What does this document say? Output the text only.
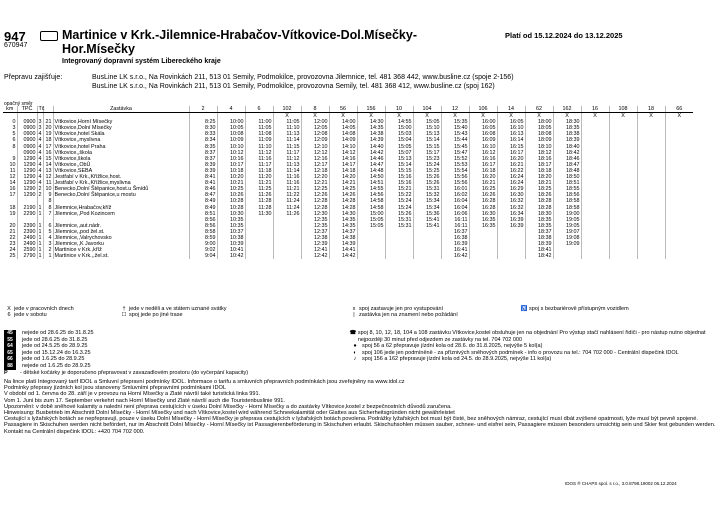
947
670947
Martinice v Krk.-Jilemnice-Hrabačov-Vítkovice-Dol.Mísečky-
Hor.Mísečky
Integrovaný dopravní systém Libereckého kraje
Platí od 15.12.2024 do 13.12.2025
Přepravu zajišťuje:	BusLine LK s.r.o., Na Rovinkách 211, 513 01 Semily, Podmokilce, provozovna Jilemnice, tel. 481 368 442, www.busline.cz (spoje 2-156)
BusLine LK s.r.o., Na Rovinkách 211, 513 01 Semily, Podmokilce, provozovna Semily, tel. 481 368 412, www.busline.cz (spoj 162)
opačný směr
km	TPČ	Tč		Zastávka	2	4	6	102	8	56	156	10	104	12	106	14	62	162	16	108	18	66
								X	X	X	X	X	X	X	X	X	X	X	X	X	X	X
0	0900	3	21	Vítkovice,Horní Mísečky	8:25	10:00	11:00	11:05	12:00	14:00	14:30	14:55	15:05	15:35	16:00	16:05	18:00	18:30				
3	0900	3	20	Vítkovice,Dolní Mísečky	8:30	10:05	11:05	11:10	12:05	14:05	14:35	15:00	15:10	15:40	16:05	16:10	18:05	18:35				
5	0900	4	19	Vítkovice,hotel Skála	8:33	10:08	11:08	11:13	12:08	14:08	14:38	15:03	15:13	15:43	16:08	16:13	18:08	18:38				
6	0900	4	18	Vítkovice,,myslivna	8:34	10:09	11:09	11:14	12:09	14:09	14:39	15:04	15:14	15:44	16:09	16:14	18:09	18:39				
8	0900	4	17	Vítkovice,hotel Praha	8:35	10:10	11:10	11:15	12:10	14:10	14:40	15:05	15:15	15:45	16:10	16:15	18:10	18:40				
	0900	4	16	Vítkovice,,škola	8:37	10:12	11:12	11:17	12:12	14:12	14:42	15:07	15:17	15:47	16:12	16:17	18:12	18:42				
9	1290	4	15	Vítkovice,škola	8:37	10:16	11:16	11:12	12:16	14:16	14:46	15:13	15:23	15:52	16:16	16:20	18:16	18:46				
10	1290	4	14	Vítkovice,,ObÚ	8:39	10:17	11:17	11:13	12:17	14:17	14:47	15:14	15:24	15:53	16:17	16:21	18:17	18:47				
11	1290	4	13	Vítkovice,SEBA	8:39	10:18	11:18	11:14	12:18	14:18	14:48	15:15	15:25	15:54	16:18	16:22	18:18	18:48				
12	1290	4	12	Jestřabí v Krk.,Křížlice,host.	8:41	10:20	11:20	11:16	12:20	14:20	14:50	15:16	15:26	15:56	16:20	16:24	18:20	18:50				
14	1290	4	11	Jestřabí v Krk.,Křížlice,myslivna	8:41	10:21	11:21	11:16	12:21	14:21	14:51	15:16	15:26	15:56	16:21	16:24	18:21	18:51				
16	1290	2	10	Benecko,Dolní Štěpanice,host.u Šmídů	8:46	10:25	11:25	11:21	12:25	14:25	14:55	15:21	15:31	16:01	16:25	16:29	18:25	18:55				
17	1290	2	9	Benecko,Dolní Štěpanice,u mostu	8:47	10:26	11:26	11:22	12:26	14:26	14:56	15:22	15:32	16:02	16:26	16:30	18:26	18:56				
			8		8:49	10:28	11:28	11:24	12:28	14:28	14:58	15:24	15:34	16:04	16:28	16:32	18:28	18:58				
18	2190	1	8	Jilemnice,Hrabačov,kříž	8:49	10:28	11:28	11:24	12:28	14:28	14:58	15:24	15:34	16:04	16:28	16:32	18:28	18:58				
19	2290	1	7	Jilemnice,,Pod Kozincem	8:51	10:30	11:30	11:26	12:30	14:30	15:00	15:26	15:36	16:06	16:30	16:34	18:30	19:00				
					8:56	10:35			12:35	14:35	15:05	15:31	15:41	16:11	16:35	16:39	18:35	19:05				
20	2390	1	6	Jilemnice,,aut.nádr.	8:56	10:35			12:35	14:35	15:05	15:31	15:41	16:11	16:35	16:39	18:35	19:05				
21	2390	1	5	Jilemnice,,pod žel.st.	8:58	10:37			12:37	14:37				16:37			18:37	19:07				
22	2490	1	4	Jilemnice,,Valrychovsko	8:59	10:38			12:38	14:38				16:38			18:38	19:08				
23	2490	1	3	Jilemnice,,K Javorku	9:00	10:39			12:39	14:39				16:39			18:39	19:09				
24	2590	1	2	Martinice v Krk.,kříž	9:02	10:41			12:41	14:41				16:41			18:41					
25	2790	1	1	Martinice v Krk.,,žel.st.	9:04	10:42			12:42	14:42				16:42			18:42					
X jede v pracovních dnech
6 jede v sobotu
† jede v neděli a ve státem uznané svátky
☐ spoj jede po jiné trase
x spoj zastavuje jen pro vystupování
| zastávka jen na znamení nebo požádání
♿ spoj s bezbariérově přístupným vozidlem
45	nejede od 28.6.25 do 31.8.25
55	jede od 28.6.25 do 31.8.25
64	jede od 24.5.25 do 28.9.25
65	jede od 15.12.24 do 16.3.25
66	jede od 1.6.25 do 28.9.25
88	nejede od 1.6.25 do 28.9.25
P	- dětské kočárky je doporučeno přepravovat v zavazadlovém prostoru (do vyčerpání kapacity)
☎ spoj 8, 10, 12, 18, 104 a 108 zastávku Vítkovice,kostel obsluhuje jen na objednání Pro výstup stačí nahlásení řidiči - pro nástup nutno objednat nejpozději 30 minut před odjezdem ze zastávky na tel. 704 702 000
● spoj 56 a 62 přepravuje jízdní kola od 28.6. do 31.8.2025, nejvýše 5 kol(a)
◐ spoj 106 jede jen podmíněně - za příznivých sněhových podmínek - info o provozu na tel.: 704 702 000 - Centrální dispečink IDOL
♪	spoj 156 a 162 přepravuje jízdní kola od 24.5. do 28.9.2025, nejvýše 11 kol(a)
Na lince platí Integrovaný tarif IDOL a Smluvní přepravní podmínky IDOL. Informace o tarifu a smluvních přepravních podmínkách jsou zveřejněny na www.idol.cz
Podmínky přepravy jízdních kol jsou stanoveny Smluvními přepravními podmínkami IDOL
V období od 1. června do 28. září je v provozu na Horní Mísečky a Zlaté návrší také turistická linka 991.
Vom 1. Juni bis zum 17. September verkehrt nach Horní Mísečky und Zlaté návrší auch die Touristenbuslinie 991.
Upozornění: v době sněhové kalamity a nalední není přeprava cestujících v úseku Dolní Mísečky - Horní Mísečky a do zastávky Vítkovice,kostel z bezpečnostních důvodů zaručena.
Hinweisung: Busbetrieb im Abschnitt Dolní Mísečky - Horní Mísečky und nach Vítkovice,kostel wird während Schneekalamität oder Glattes aus Sicherheitsgründen nicht gewährleistet
Cestující s lyžařských botách se nepřepravují, pouze v úseku Dolní Mísečky - Horní Mísečky je přeprava cestujících v lyžařských botách povolena. Podrážky lyžařských bot musí být čisté, bez sněhových námraz, cestující musí dbát zvýšené opatrnosti, lyže musí být pevně spojené.
Passagiere in Skischuhen werden nicht befördert, nur im Abschnitt Dolní Mísečky - Horní Mísečky ist Passagierenbeförderung in Skischuhen erlaubt. Skischuhsohlen müssen sauber, schnee- und eisfrei sein, Passagiere müssen besonders umsichtig sein und Skier fest gebunden werden.
Kontakt na Centrální dispečink IDOL: +420 704 702 000.
IDOS ® CHAPS spol. s r.o., 3.0.8798.19002 06.12.2024
